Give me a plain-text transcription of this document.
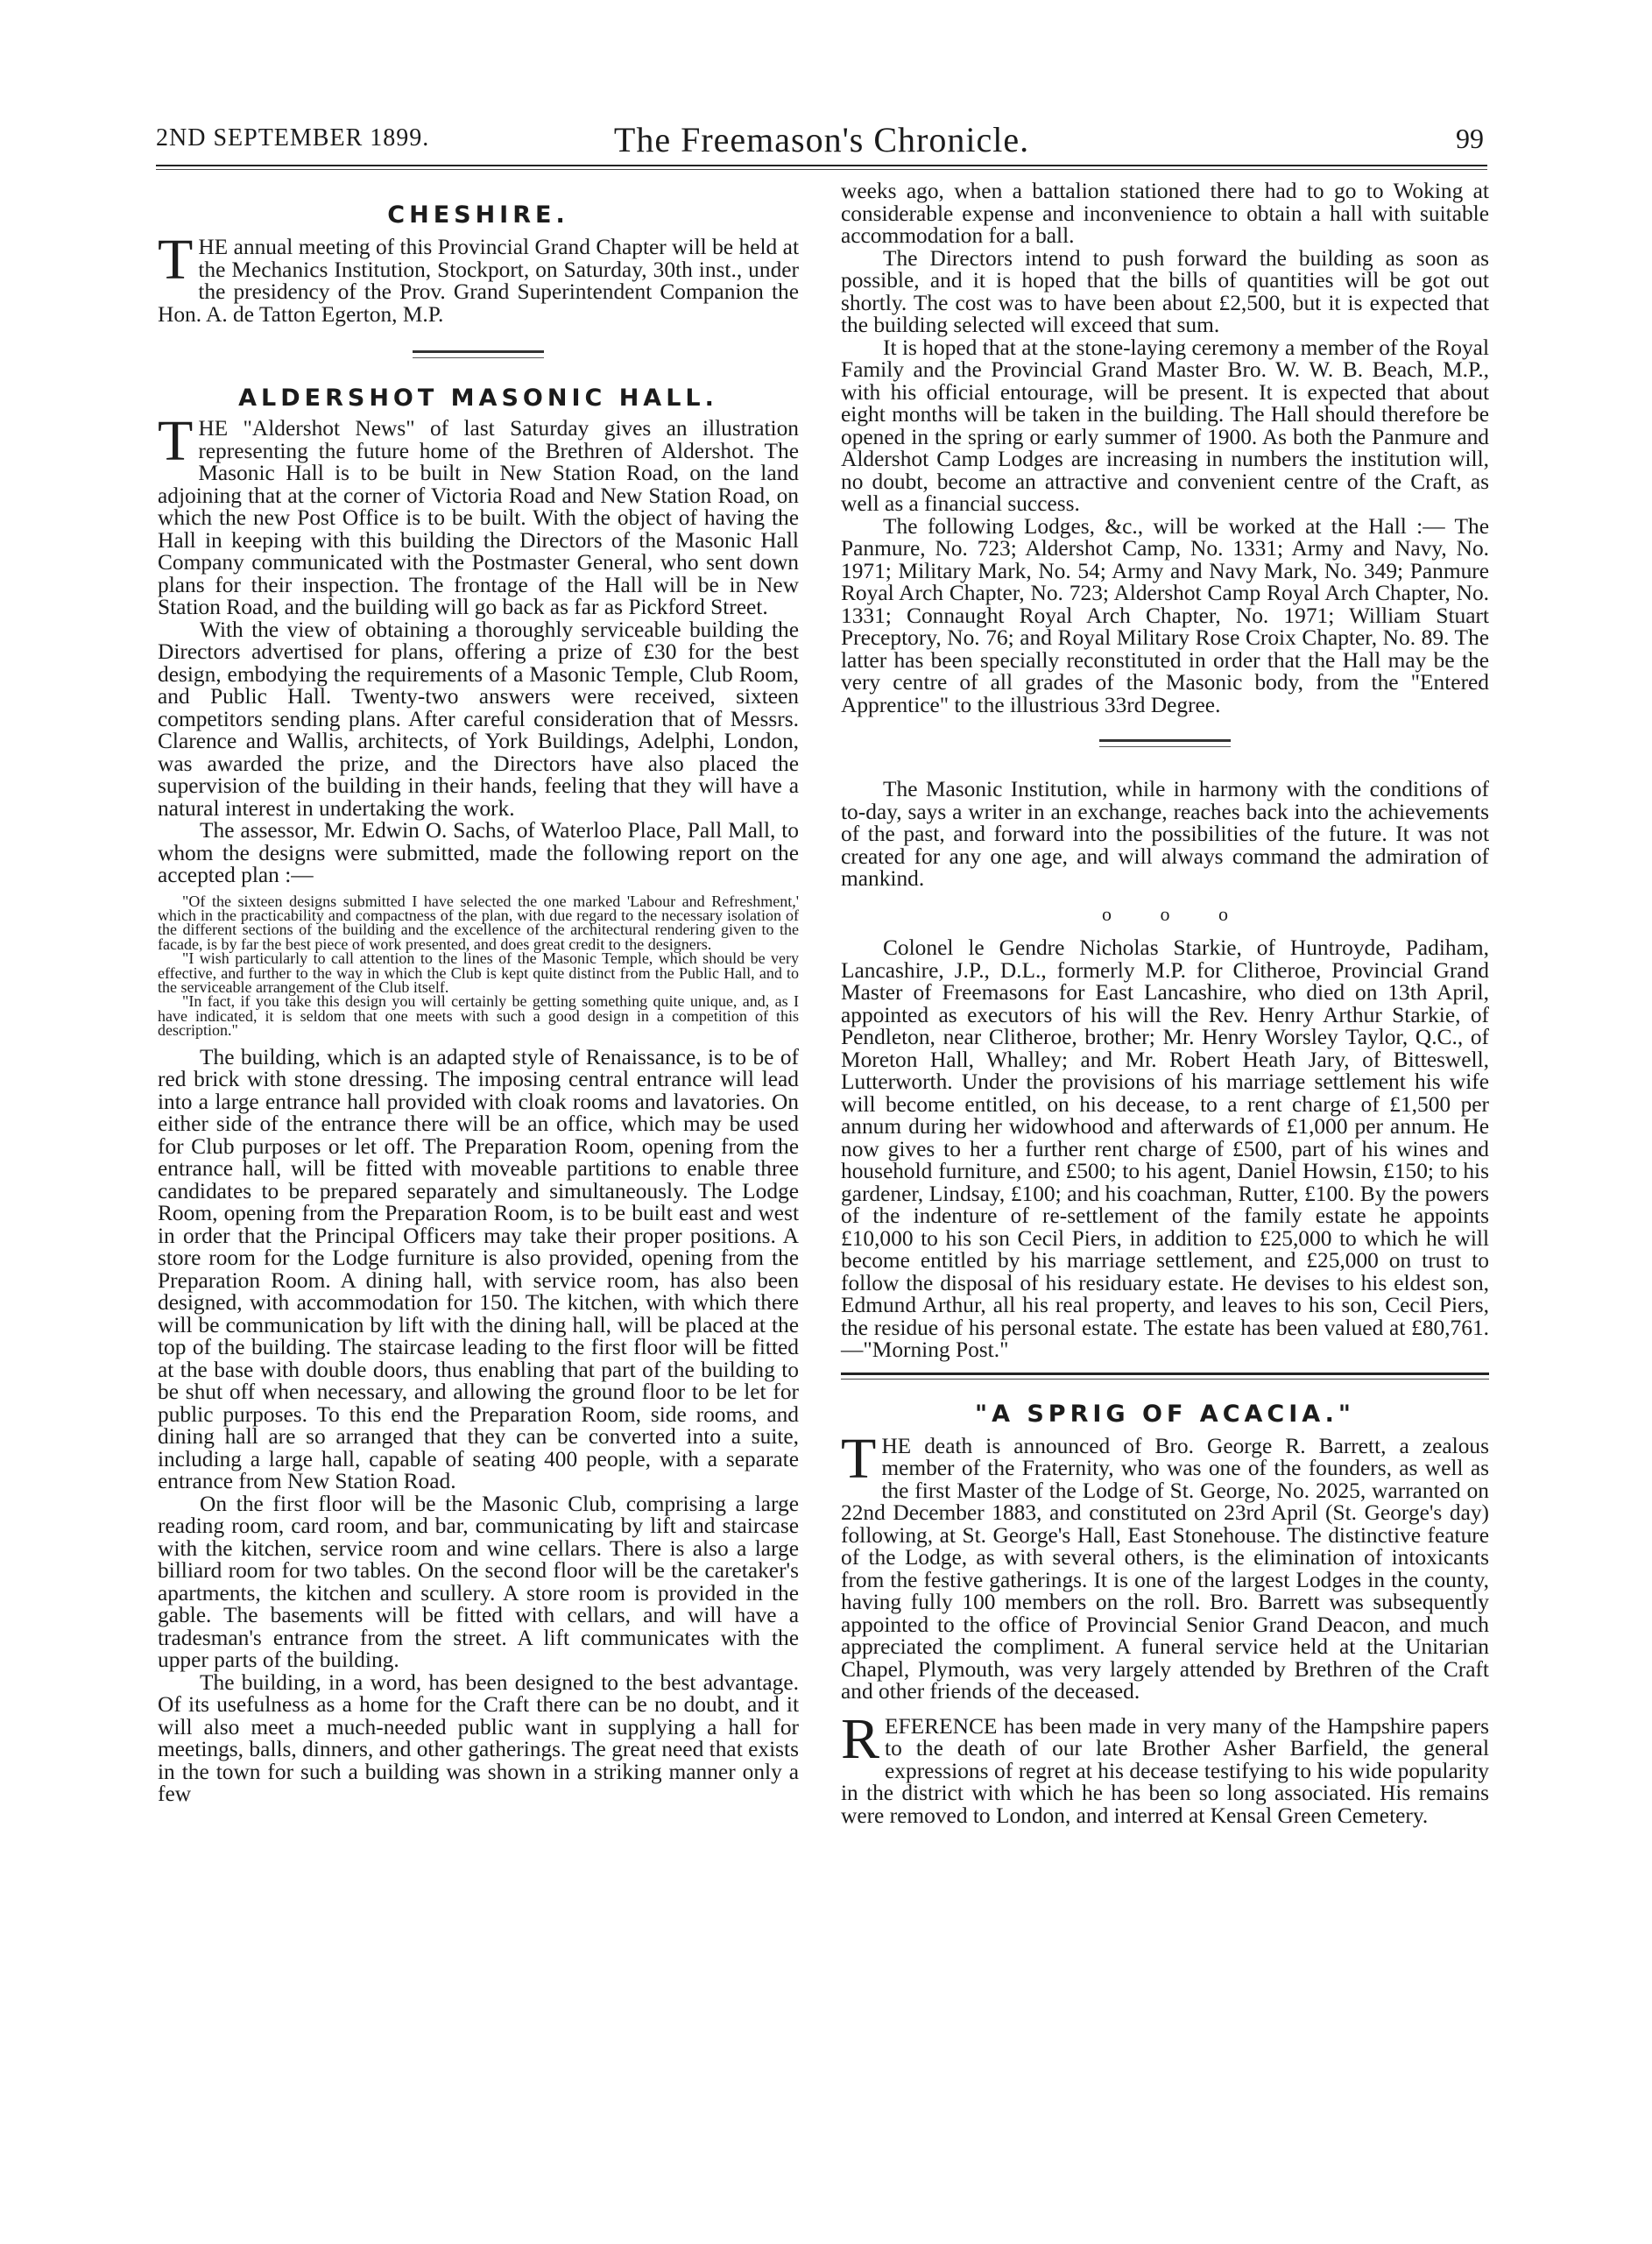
2ND SEPTEMBER 1899.	The Freemason's Chronicle.	99
CHESHIRE.

THE annual meeting of this Provincial Grand Chapter will be held at the Mechanics Institution, Stockport, on Saturday, 30th inst., under the presidency of the Prov. Grand Superintendent Companion the Hon. A. de Tatton Egerton, M.P.

ALDERSHOT MASONIC HALL.

THE "Aldershot News" of last Saturday gives an illustration representing the future home of the Brethren of Aldershot. The Masonic Hall is to be built in New Station Road, on the land adjoining that at the corner of Victoria Road and New Station Road, on which the new Post Office is to be built. With the object of having the Hall in keeping with this building the Directors of the Masonic Hall Company communicated with the Postmaster General, who sent down plans for their inspection. The frontage of the Hall will be in New Station Road, and the building will go back as far as Pickford Street.

With the view of obtaining a thoroughly serviceable building the Directors advertised for plans, offering a prize of £30 for the best design, embodying the requirements of a Masonic Temple, Club Room, and Public Hall. Twenty-two answers were received, sixteen competitors sending plans. After careful consideration that of Messrs. Clarence and Wallis, architects, of York Buildings, Adelphi, London, was awarded the prize, and the Directors have also placed the supervision of the building in their hands, feeling that they will have a natural interest in undertaking the work.

The assessor, Mr. Edwin O. Sachs, of Waterloo Place, Pall Mall, to whom the designs were submitted, made the following report on the accepted plan :—

"Of the sixteen designs submitted I have selected the one marked 'Labour and Refreshment,' which in the practicability and compactness of the plan, with due regard to the necessary isolation of the different sections of the building and the excellence of the architectural rendering given to the facade, is by far the best piece of work presented, and does great credit to the designers.

"I wish particularly to call attention to the lines of the Masonic Temple, which should be very effective, and further to the way in which the Club is kept quite distinct from the Public Hall, and to the serviceable arrangement of the Club itself.

"In fact, if you take this design you will certainly be getting something quite unique, and, as I have indicated, it is seldom that one meets with such a good design in a competition of this description."

The building, which is an adapted style of Renaissance, is to be of red brick with stone dressing. The imposing central entrance will lead into a large entrance hall provided with cloak rooms and lavatories. On either side of the entrance there will be an office, which may be used for Club purposes or let off. The Preparation Room, opening from the entrance hall, will be fitted with moveable partitions to enable three candidates to be prepared separately and simultaneously. The Lodge Room, opening from the Preparation Room, is to be built east and west in order that the Principal Officers may take their proper positions. A store room for the Lodge furniture is also provided, opening from the Preparation Room. A dining hall, with service room, has also been designed, with accommodation for 150. The kitchen, with which there will be communication by lift with the dining hall, will be placed at the top of the building. The staircase leading to the first floor will be fitted at the base with double doors, thus enabling that part of the building to be shut off when necessary, and allowing the ground floor to be let for public purposes. To this end the Preparation Room, side rooms, and dining hall are so arranged that they can be converted into a suite, including a large hall, capable of seating 400 people, with a separate entrance from New Station Road.

On the first floor will be the Masonic Club, comprising a large reading room, card room, and bar, communicating by lift and staircase with the kitchen, service room and wine cellars. There is also a large billiard room for two tables. On the second floor will be the caretaker's apartments, the kitchen and scullery. A store room is provided in the gable. The basements will be fitted with cellars, and will have a tradesman's entrance from the street. A lift communicates with the upper parts of the building.

The building, in a word, has been designed to the best advantage. Of its usefulness as a home for the Craft there can be no doubt, and it will also meet a much-needed public want in supplying a hall for meetings, balls, dinners, and other gatherings. The great need that exists in the town for such a building was shown in a striking manner only a few

weeks ago, when a battalion stationed there had to go to Woking at considerable expense and inconvenience to obtain a hall with suitable accommodation for a ball.

The Directors intend to push forward the building as soon as possible, and it is hoped that the bills of quantities will be got out shortly. The cost was to have been about £2,500, but it is expected that the building selected will exceed that sum.

It is hoped that at the stone-laying ceremony a member of the Royal Family and the Provincial Grand Master Bro. W. W. B. Beach, M.P., with his official entourage, will be present. It is expected that about eight months will be taken in the building. The Hall should therefore be opened in the spring or early summer of 1900. As both the Panmure and Aldershot Camp Lodges are increasing in numbers the institution will, no doubt, become an attractive and convenient centre of the Craft, as well as a financial success.

The following Lodges, &c., will be worked at the Hall :— The Panmure, No. 723; Aldershot Camp, No. 1331; Army and Navy, No. 1971; Military Mark, No. 54; Army and Navy Mark, No. 349; Panmure Royal Arch Chapter, No. 723; Aldershot Camp Royal Arch Chapter, No. 1331; Connaught Royal Arch Chapter, No. 1971; William Stuart Preceptory, No. 76; and Royal Military Rose Croix Chapter, No. 89. The latter has been specially reconstituted in order that the Hall may be the very centre of all grades of the Masonic body, from the "Entered Apprentice" to the illustrious 33rd Degree.

The Masonic Institution, while in harmony with the conditions of to-day, says a writer in an exchange, reaches back into the achievements of the past, and forward into the possibilities of the future. It was not created for any one age, and will always command the admiration of mankind.

o o o

Colonel le Gendre Nicholas Starkie, of Huntroyde, Padiham, Lancashire, J.P., D.L., formerly M.P. for Clitheroe, Provincial Grand Master of Freemasons for East Lancashire, who died on 13th April, appointed as executors of his will the Rev. Henry Arthur Starkie, of Pendleton, near Clitheroe, brother; Mr. Henry Worsley Taylor, Q.C., of Moreton Hall, Whalley; and Mr. Robert Heath Jary, of Bitteswell, Lutterworth. Under the provisions of his marriage settlement his wife will become entitled, on his decease, to a rent charge of £1,500 per annum during her widowhood and afterwards of £1,000 per annum. He now gives to her a further rent charge of £500, part of his wines and household furniture, and £500; to his agent, Daniel Howsin, £150; to his gardener, Lindsay, £100; and his coachman, Rutter, £100. By the powers of the indenture of re-settlement of the family estate he appoints £10,000 to his son Cecil Piers, in addition to £25,000 to which he will become entitled by his marriage settlement, and £25,000 on trust to follow the disposal of his residuary estate. He devises to his eldest son, Edmund Arthur, all his real property, and leaves to his son, Cecil Piers, the residue of his personal estate. The estate has been valued at £80,761.—"Morning Post."

"A SPRIG OF ACACIA."

THE death is announced of Bro. George R. Barrett, a zealous member of the Fraternity, who was one of the founders, as well as the first Master of the Lodge of St. George, No. 2025, warranted on 22nd December 1883, and constituted on 23rd April (St. George's day) following, at St. George's Hall, East Stonehouse. The distinctive feature of the Lodge, as with several others, is the elimination of intoxicants from the festive gatherings. It is one of the largest Lodges in the county, having fully 100 members on the roll. Bro. Barrett was subsequently appointed to the office of Provincial Senior Grand Deacon, and much appreciated the compliment. A funeral service held at the Unitarian Chapel, Plymouth, was very largely attended by Brethren of the Craft and other friends of the deceased.

REFERENCE has been made in very many of the Hampshire papers to the death of our late Brother Asher Barfield, the general expressions of regret at his decease testifying to his wide popularity in the district with which he has been so long associated. His remains were removed to London, and interred at Kensal Green Cemetery.
